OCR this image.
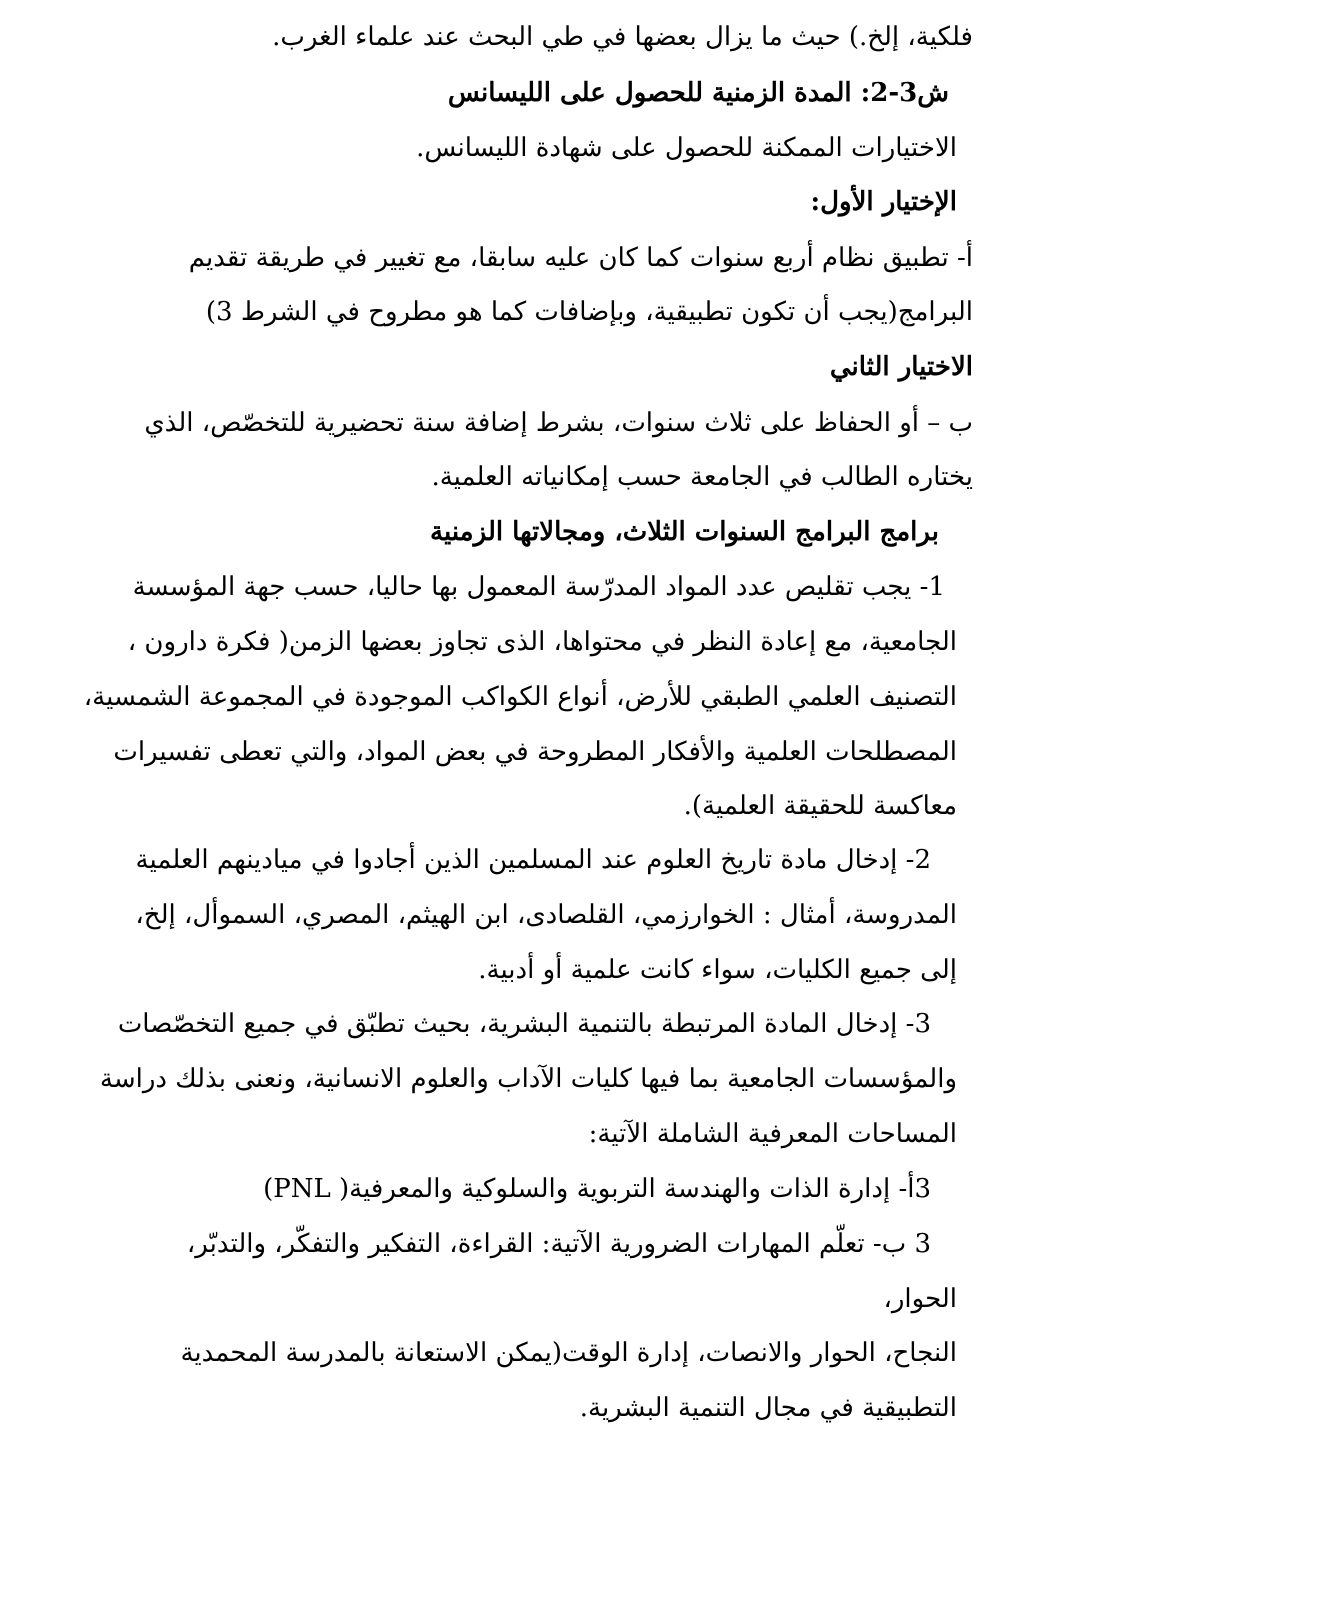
فلكية، إلخ.) حيث ما يزال بعضها في طي البحث عند علماء الغرب.
ش3-2: المدة الزمنية للحصول على الليسانس
الاختيارات الممكنة للحصول على شهادة الليسانس.
الإختيار الأول:
أ- تطبيق نظام أربع سنوات كما كان عليه سابقا، مع تغيير في طريقة تقديم
البرامج(يجب أن تكون تطبيقية، وبإضافات كما هو مطروح في الشرط 3)
الاختيار الثاني
ب – أو الحفاظ على ثلاث سنوات، بشرط إضافة سنة تحضيرية للتخصّص، الذي
يختاره الطالب في الجامعة حسب إمكانياته العلمية.
برامج البرامج السنوات الثلاث، ومجالاتها الزمنية
1- يجب تقليص عدد المواد المدرّسة المعمول بها حاليا، حسب جهة المؤسسة
الجامعية، مع إعادة النظر في محتواها، الذى تجاوز بعضها الزمن( فكرة دارون ،
التصنيف العلمي الطبقي للأرض، أنواع الكواكب الموجودة في المجموعة الشمسية،
المصطلحات العلمية والأفكار المطروحة في بعض المواد، والتي تعطى تفسيرات
معاكسة للحقيقة العلمية).
2- إدخال مادة تاريخ العلوم عند المسلمين الذين أجادوا في ميادينهم العلمية
المدروسة، أمثال : الخوارزمي، القلصادى، ابن الهيثم، المصري، السموأل، إلخ،
إلى جميع الكليات، سواء كانت علمية أو أدبية.
3- إدخال المادة المرتبطة بالتنمية البشرية، بحيث تطبّق في جميع التخصّصات
والمؤسسات الجامعية بما فيها كليات الآداب والعلوم الانسانية، ونعنى بذلك دراسة
المساحات المعرفية الشاملة الآتية:
3أ- إدارة الذات والهندسة التربوية والسلوكية والمعرفية( PNL)
3 ب- تعلّم المهارات الضرورية الآتية: القراءة، التفكير والتفكّر، والتدبّر،
الحوار،
النجاح، الحوار والانصات، إدارة الوقت(يمكن الاستعانة بالمدرسة المحمدية
التطبيقية في مجال التنمية البشرية.
